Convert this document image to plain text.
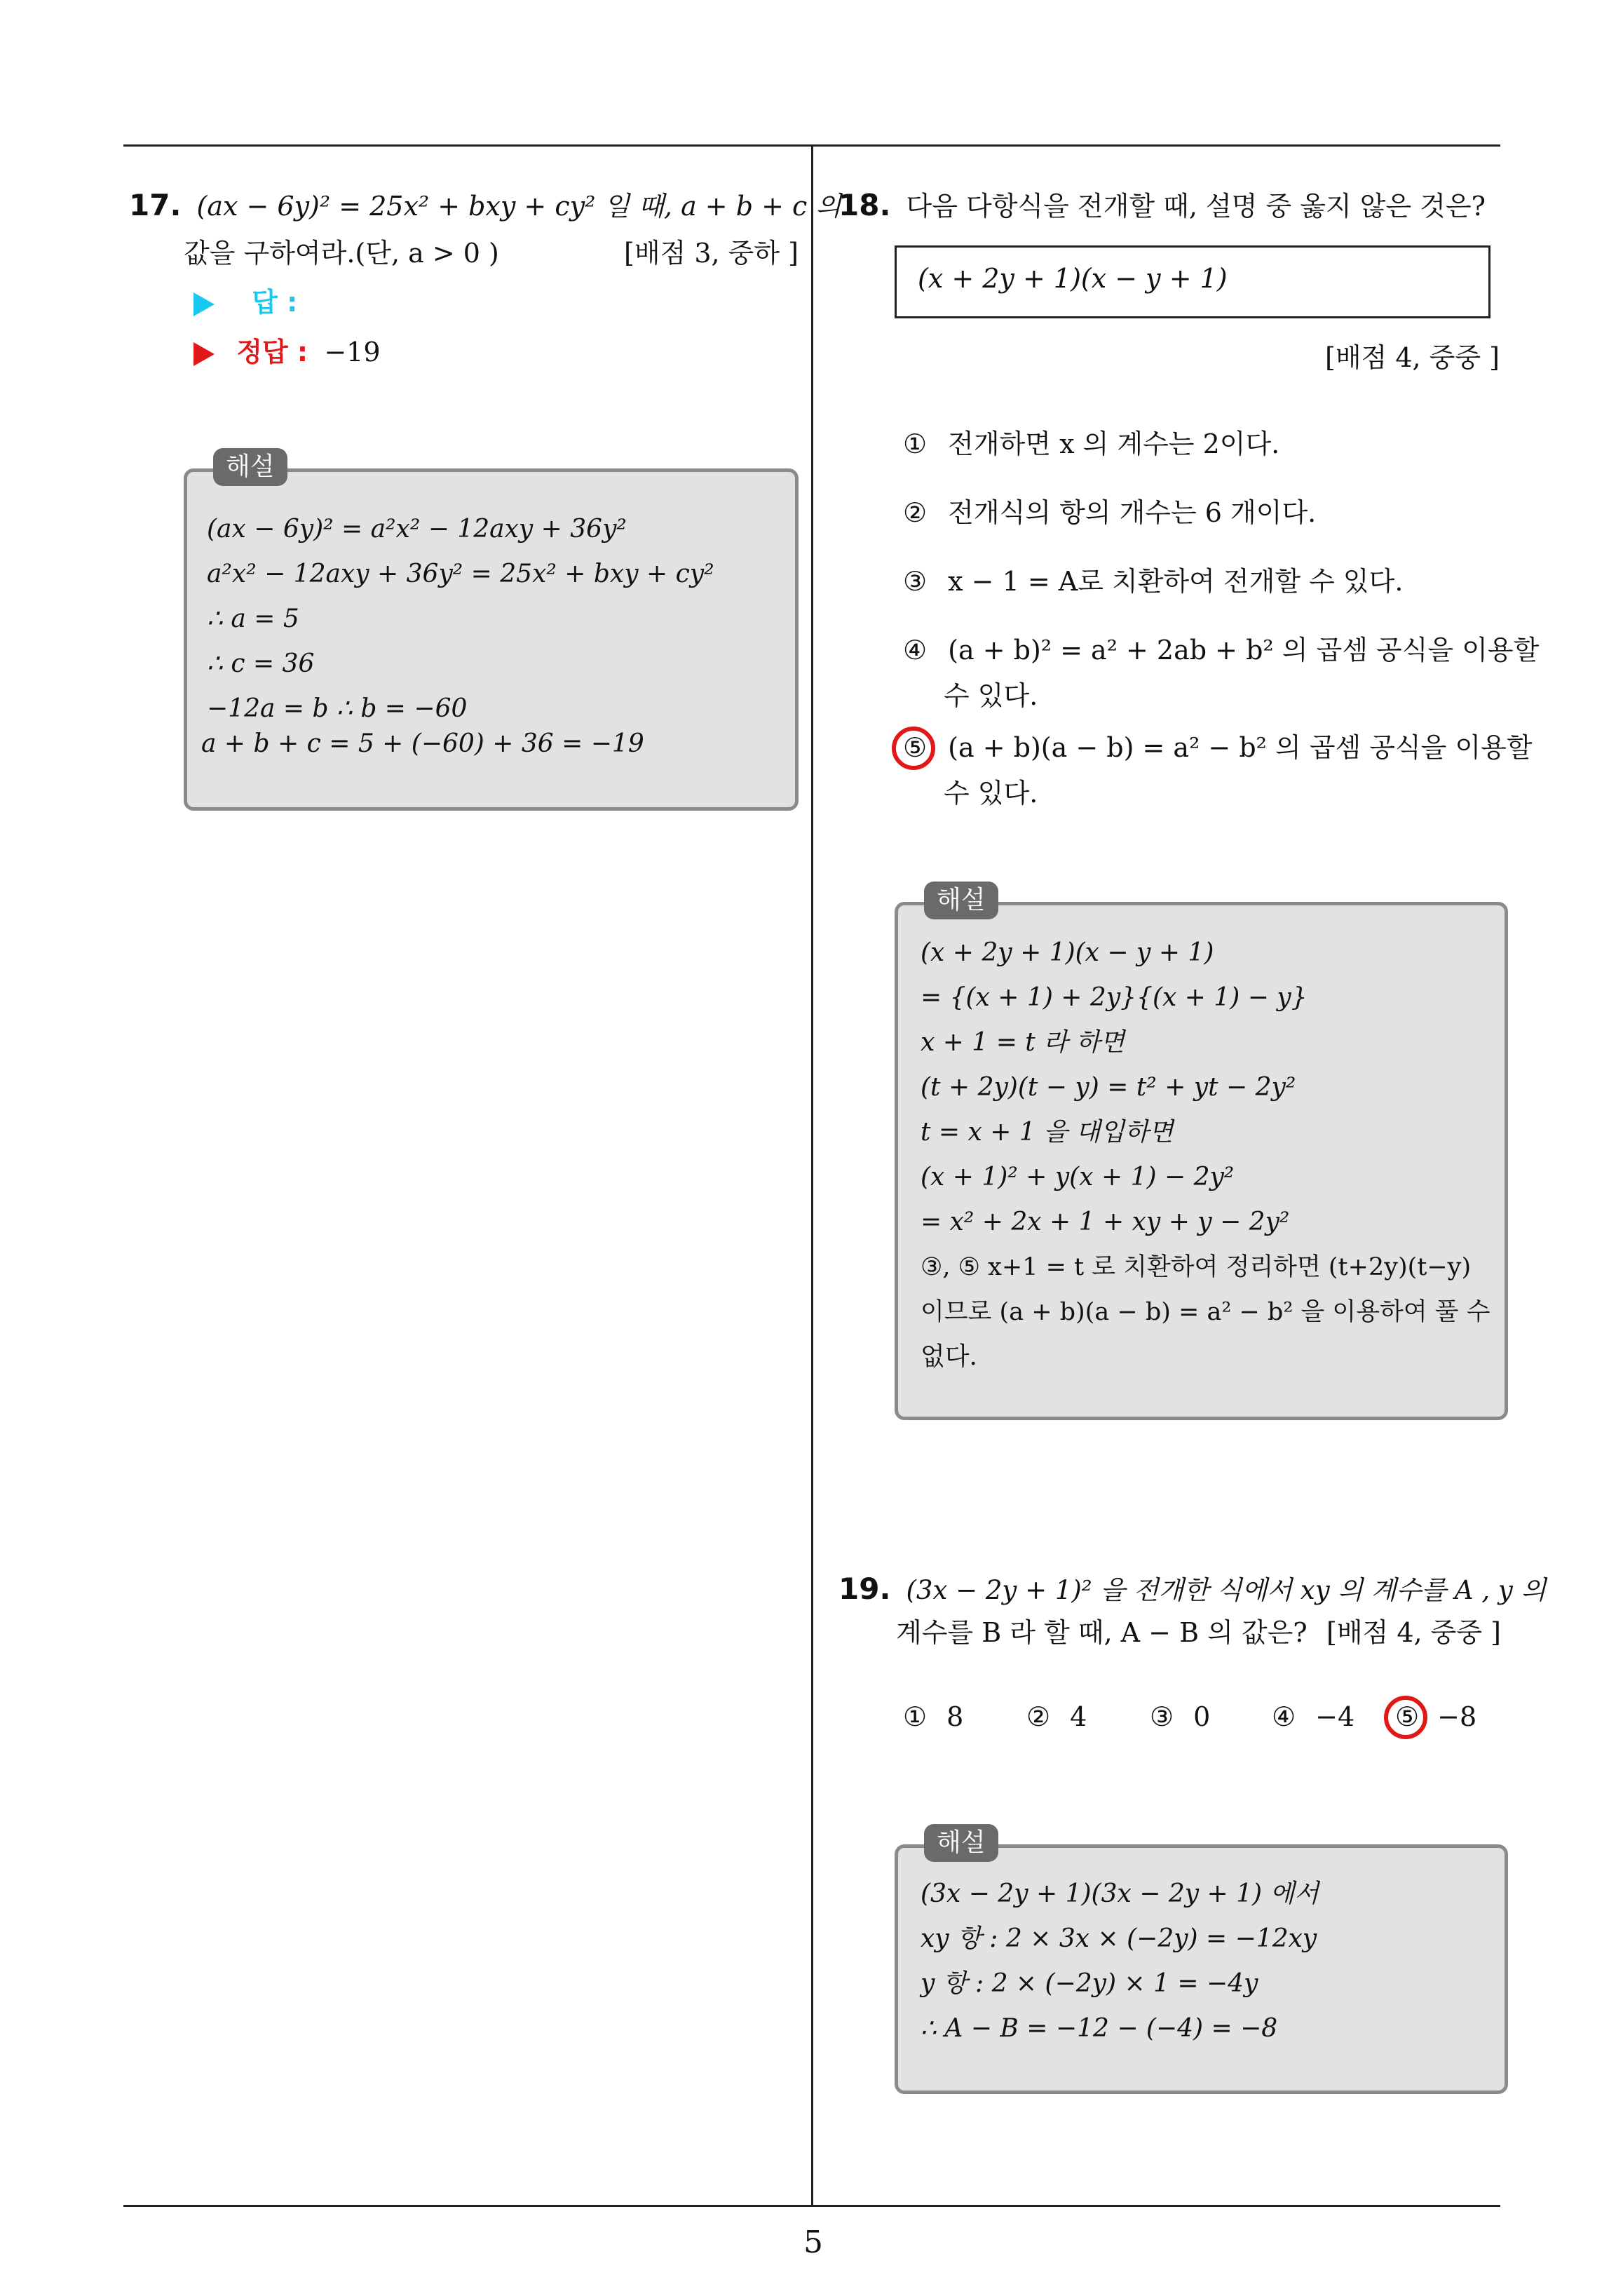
17. (ax − 6y)² = 25x² + bxy + cy² 일 때, a + b + c 의
값을 구하여라.(단, a > 0 )	[배점 3, 중하 ]
답 :
정답 : −19
(ax − 6y)² = a²x² − 12axy + 36y²
a²x² − 12axy + 36y² = 25x² + bxy + cy²
∴ a = 5
∴ c = 36
−12a = b ∴ b = −60
a + b + c = 5 + (−60) + 36 = −19
해설
18. 다음 다항식을 전개할 때, 설명 중 옳지 않은 것은?
(x + 2y + 1)(x − y + 1)
[배점 4, 중중 ]
① 전개하면 x 의 계수는 2이다.
② 전개식의 항의 개수는 6 개이다.
③ x − 1 = A로 치환하여 전개할 수 있다.
④ (a + b)² = a² + 2ab + b² 의 곱셈 공식을 이용할
수 있다.
⑤ (a + b)(a − b) = a² − b² 의 곱셈 공식을 이용할
수 있다.
(x + 2y + 1)(x − y + 1)
= {(x + 1) + 2y}{(x + 1) − y}
x + 1 = t 라 하면
(t + 2y)(t − y) = t² + yt − 2y²
t = x + 1 을 대입하면
(x + 1)² + y(x + 1) − 2y²
= x² + 2x + 1 + xy + y − 2y²
③, ⑤ x+1 = t 로 치환하여 정리하면 (t+2y)(t−y)
이므로 (a + b)(a − b) = a² − b² 을 이용하여 풀 수
없다.
해설
19. (3x − 2y + 1)² 을 전개한 식에서 xy 의 계수를 A , y 의
계수를 B 라 할 때, A − B 의 값은? [배점 4, 중중 ]
① 8 ② 4 ③ 0 ④ −4 ⑤ −8
(3x − 2y + 1)(3x − 2y + 1) 에서
xy 항 : 2 × 3x × (−2y) = −12xy
y 항 : 2 × (−2y) × 1 = −4y
∴ A − B = −12 − (−4) = −8
해설
5
